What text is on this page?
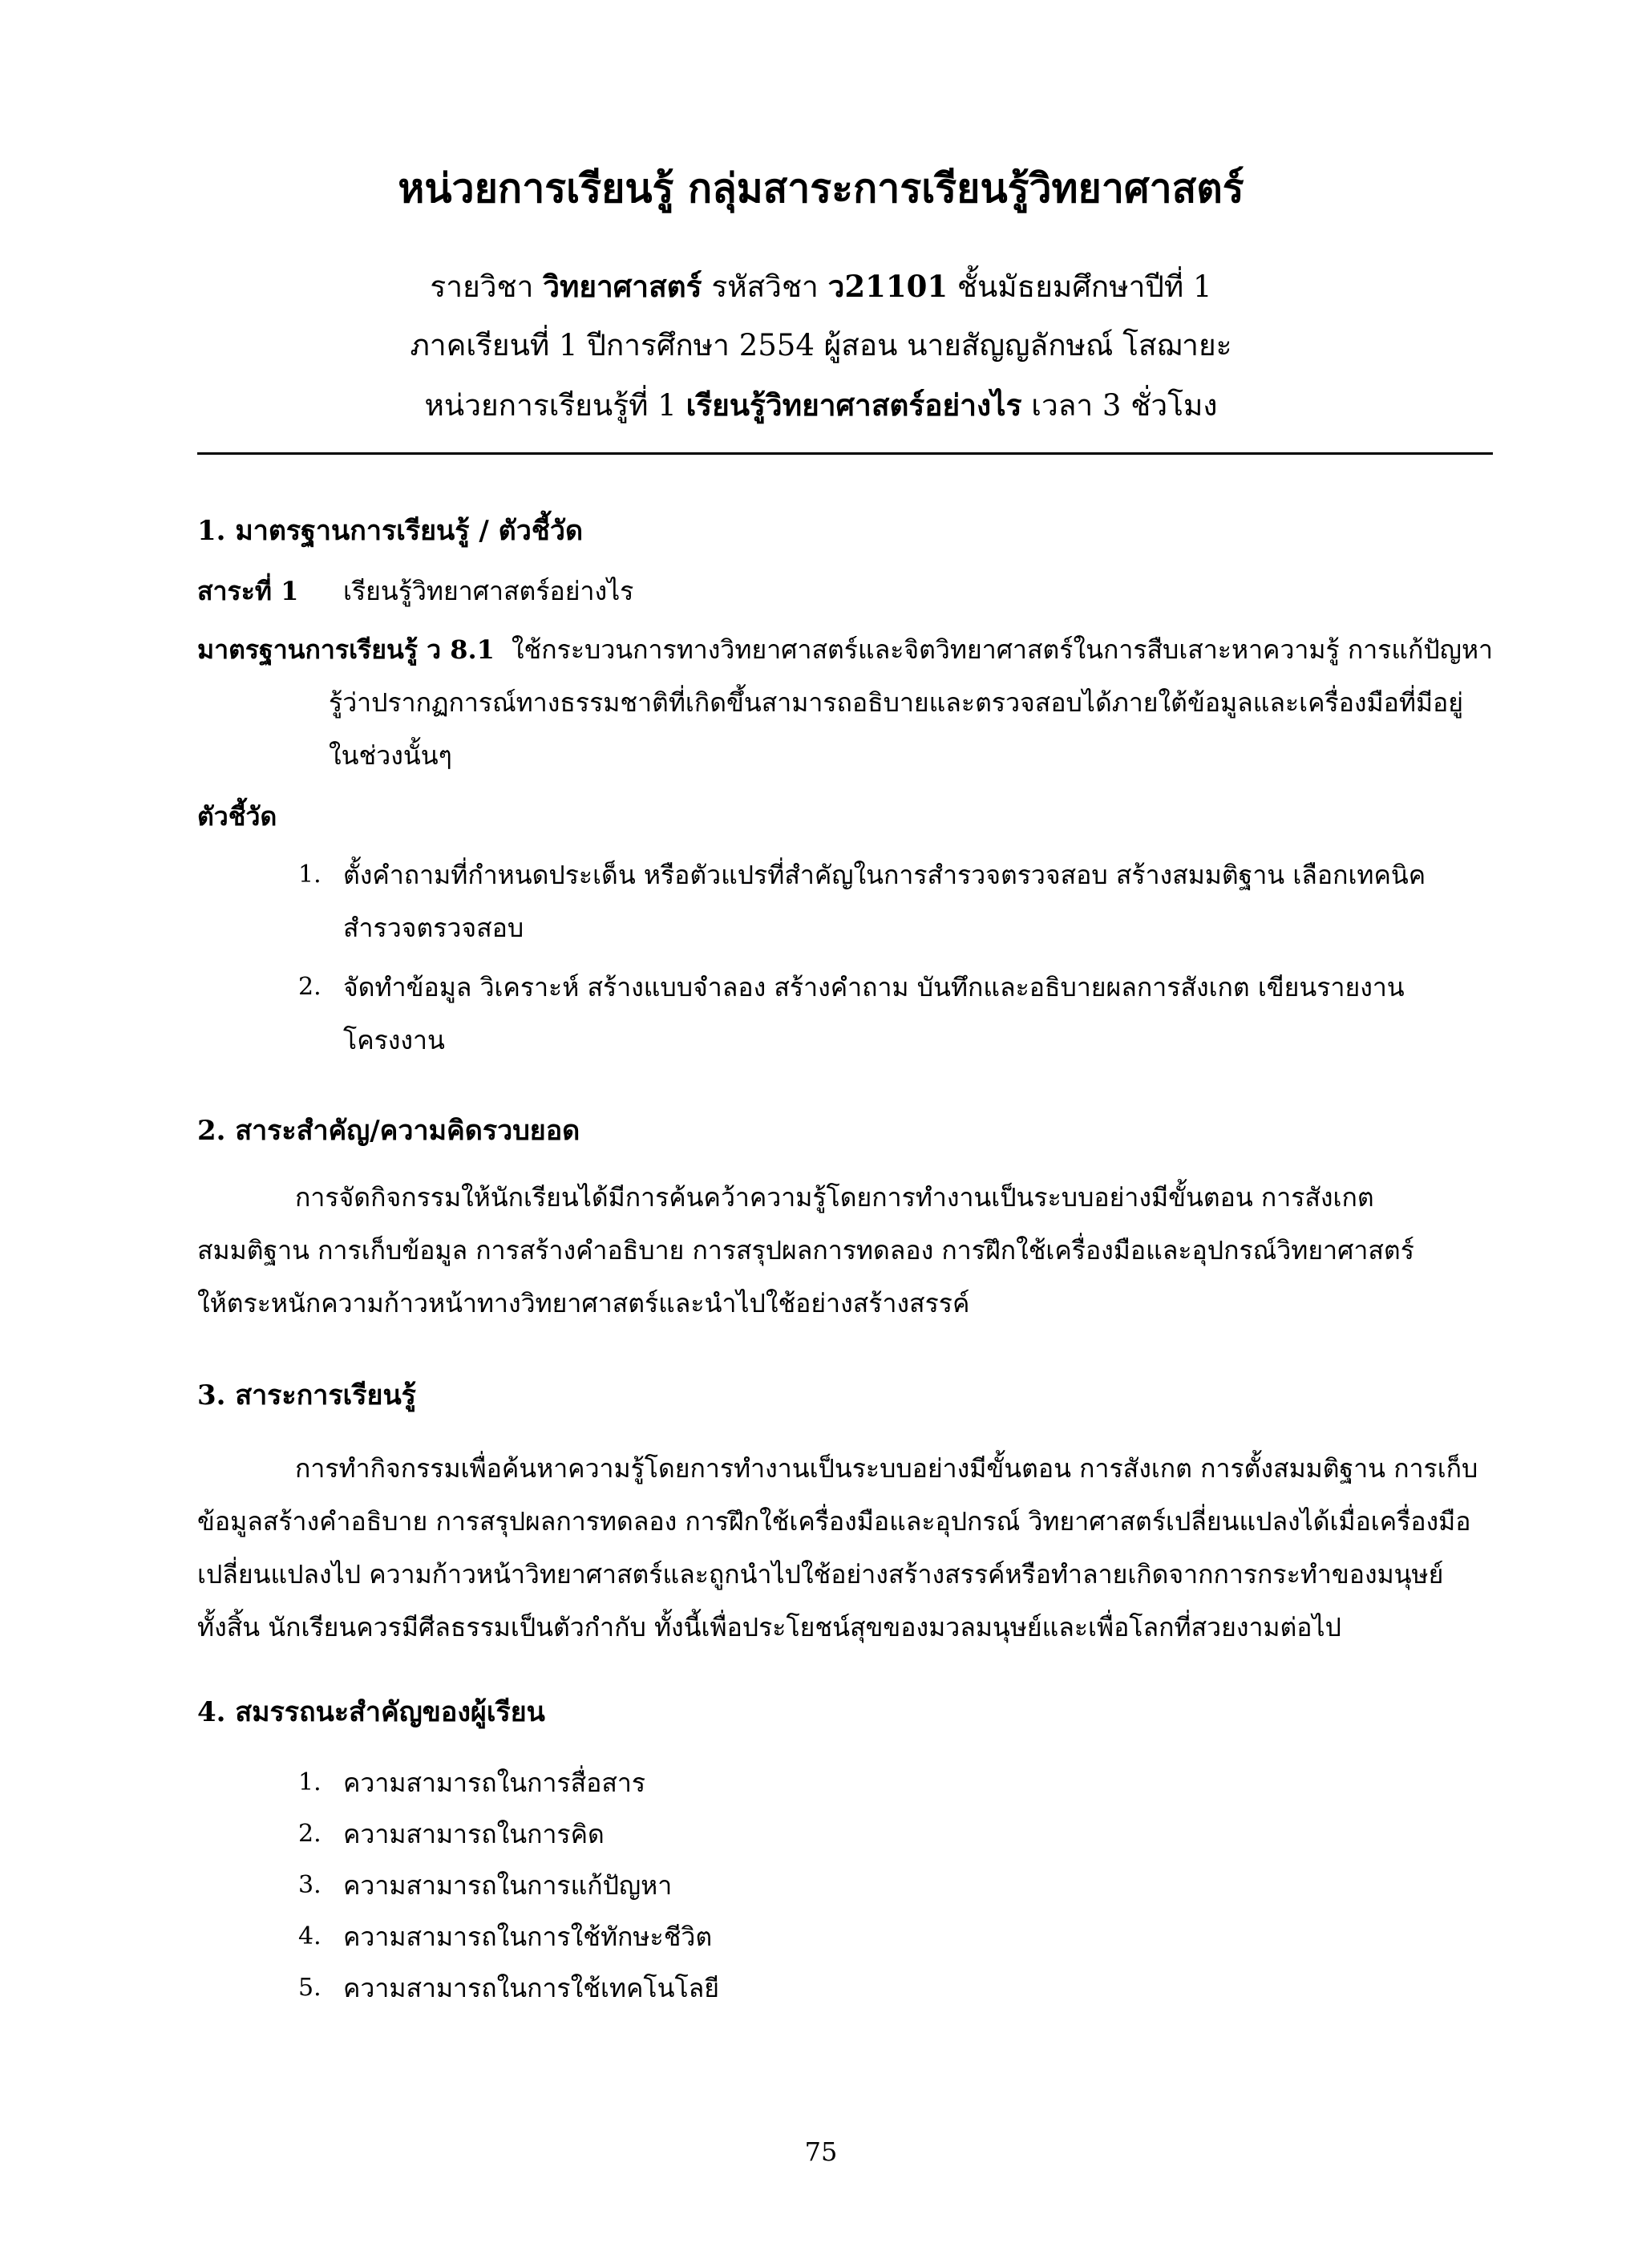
หน่วยการเรียนรู้ กลุ่มสาระการเรียนรู้วิทยาศาสตร์
รายวิชา วิทยาศาสตร์ รหัสวิชา ว21101 ชั้นมัธยมศึกษาปีที่ 1
ภาคเรียนที่ 1 ปีการศึกษา 2554 ผู้สอน นายสัญญลักษณ์ โสฌายะ
หน่วยการเรียนรู้ที่ 1 เรียนรู้วิทยาศาสตร์อย่างไร เวลา 3 ชั่วโมง
1. มาตรฐานการเรียนรู้ / ตัวชี้วัด
สาระที่ 1 เรียนรู้วิทยาศาสตร์อย่างไร
มาตรฐานการเรียนรู้ ว 8.1 ใช้กระบวนการทางวิทยาศาสตร์และจิตวิทยาศาสตร์ในการสืบเสาะหาความรู้ การแก้ปัญหา
รู้ว่าปรากฏการณ์ทางธรรมชาติที่เกิดขึ้นสามารถอธิบายและตรวจสอบได้ภายใต้ข้อมูลและเครื่องมือที่มีอยู่
ในช่วงนั้นๆ
ตัวชี้วัด
1. ตั้งคำถามที่กำหนดประเด็น หรือตัวแปรที่สำคัญในการสำรวจตรวจสอบ สร้างสมมติฐาน เลือกเทคนิค
สำรวจตรวจสอบ
2. จัดทำข้อมูล วิเคราะห์ สร้างแบบจำลอง สร้างคำถาม บันทึกและอธิบายผลการสังเกต เขียนรายงาน
โครงงาน
2. สาระสำคัญ/ความคิดรวบยอด
การจัดกิจกรรมให้นักเรียนได้มีการค้นคว้าความรู้โดยการทำงานเป็นระบบอย่างมีขั้นตอน การสังเกต
สมมติฐาน การเก็บข้อมูล การสร้างคำอธิบาย การสรุปผลการทดลอง การฝึกใช้เครื่องมือและอุปกรณ์วิทยาศาสตร์
ให้ตระหนักความก้าวหน้าทางวิทยาศาสตร์และนำไปใช้อย่างสร้างสรรค์
3. สาระการเรียนรู้
การทำกิจกรรมเพื่อค้นหาความรู้โดยการทำงานเป็นระบบอย่างมีขั้นตอน การสังเกต การตั้งสมมติฐาน การเก็บ
ข้อมูลสร้างคำอธิบาย การสรุปผลการทดลอง การฝึกใช้เครื่องมือและอุปกรณ์ วิทยาศาสตร์เปลี่ยนแปลงได้เมื่อเครื่องมือ
เปลี่ยนแปลงไป ความก้าวหน้าวิทยาศาสตร์และถูกนำไปใช้อย่างสร้างสรรค์หรือทำลายเกิดจากการกระทำของมนุษย์
ทั้งสิ้น นักเรียนควรมีศีลธรรมเป็นตัวกำกับ ทั้งนี้เพื่อประโยชน์สุขของมวลมนุษย์และเพื่อโลกที่สวยงามต่อไป
4. สมรรถนะสำคัญของผู้เรียน
1. ความสามารถในการสื่อสาร
2. ความสามารถในการคิด
3. ความสามารถในการแก้ปัญหา
4. ความสามารถในการใช้ทักษะชีวิต
5. ความสามารถในการใช้เทคโนโลยี
75
